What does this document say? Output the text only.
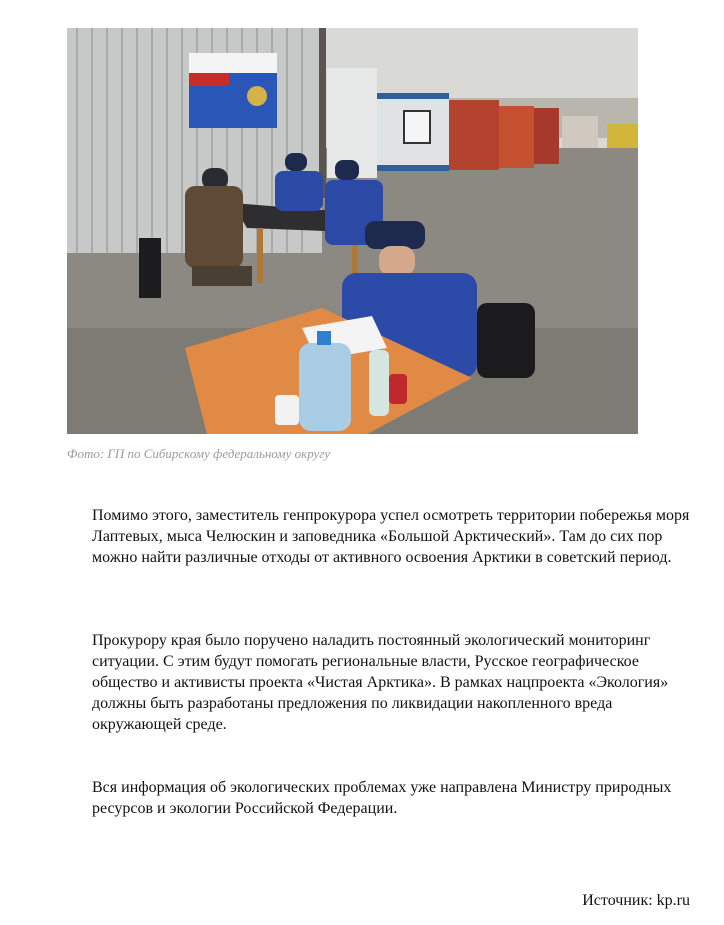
Фото: ГП по Сибирскому федеральному округу

Помимо этого, заместитель генпрокурора успел осмотреть территории побережья моря Лаптевых, мыса Челюскин и заповедника «Большой Арктический». Там до сих пор можно найти различные отходы от активного освоения Арктики в советский период.

Прокурору края было поручено наладить постоянный экологический мониторинг ситуации. С этим будут помогать региональные власти, Русское географическое общество и активисты проекта «Чистая Арктика». В рамках нацпроекта «Экология» должны быть разработаны предложения по ликвидации накопленного вреда окружающей среде.

Вся информация об экологических проблемах уже направлена Министру природных ресурсов и экологии Российской Федерации.

Источник: kp.ru
